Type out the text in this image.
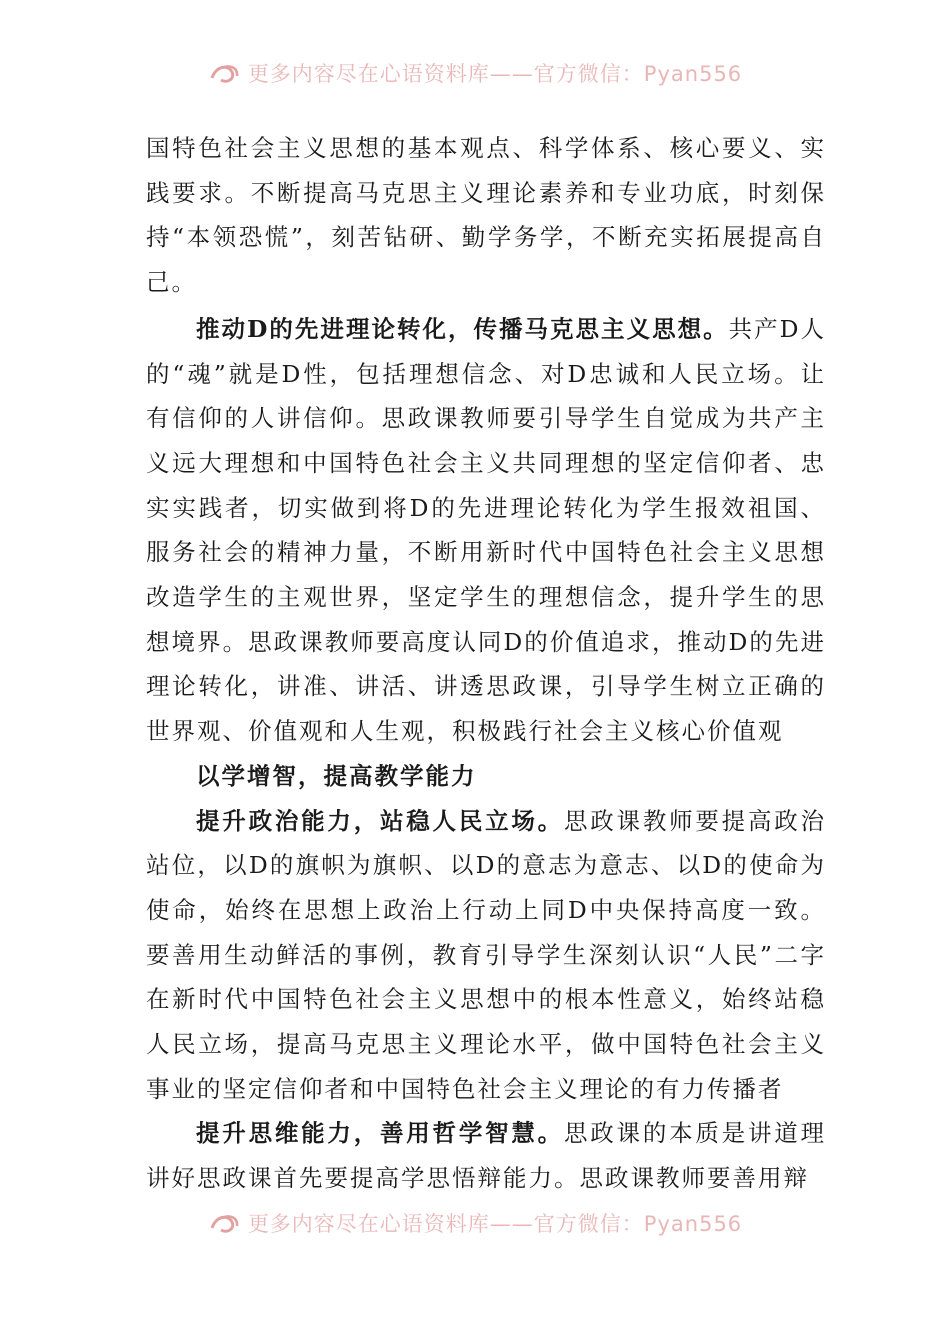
更多内容尽在心语资料库——官方微信：Pyan556

国特色社会主义思想的基本观点、科学体系、核心要义、实践要求。不断提高马克思主义理论素养和专业功底，时刻保持“本领恐慌”，刻苦钻研、勤学务学，不断充实拓展提高自己。

推动D的先进理论转化，传播马克思主义思想。共产D人的“魂”就是D性，包括理想信念、对D忠诚和人民立场。让有信仰的人讲信仰。思政课教师要引导学生自觉成为共产主义远大理想和中国特色社会主义共同理想的坚定信仰者、忠实实践者，切实做到将D的先进理论转化为学生报效祖国、服务社会的精神力量，不断用新时代中国特色社会主义思想改造学生的主观世界，坚定学生的理想信念，提升学生的思想境界。思政课教师要高度认同D的价值追求，推动D的先进理论转化，讲准、讲活、讲透思政课，引导学生树立正确的世界观、价值观和人生观，积极践行社会主义核心价值观

以学增智，提高教学能力

提升政治能力，站稳人民立场。思政课教师要提高政治站位，以D的旗帜为旗帜、以D的意志为意志、以D的使命为使命，始终在思想上政治上行动上同D中央保持高度一致。要善用生动鲜活的事例，教育引导学生深刻认识“人民”二字在新时代中国特色社会主义思想中的根本性意义，始终站稳人民立场，提高马克思主义理论水平，做中国特色社会主义事业的坚定信仰者和中国特色社会主义理论的有力传播者

提升思维能力，善用哲学智慧。思政课的本质是讲道理讲好思政课首先要提高学思悟辩能力。思政课教师要善用辩

更多内容尽在心语资料库——官方微信：Pyan556
